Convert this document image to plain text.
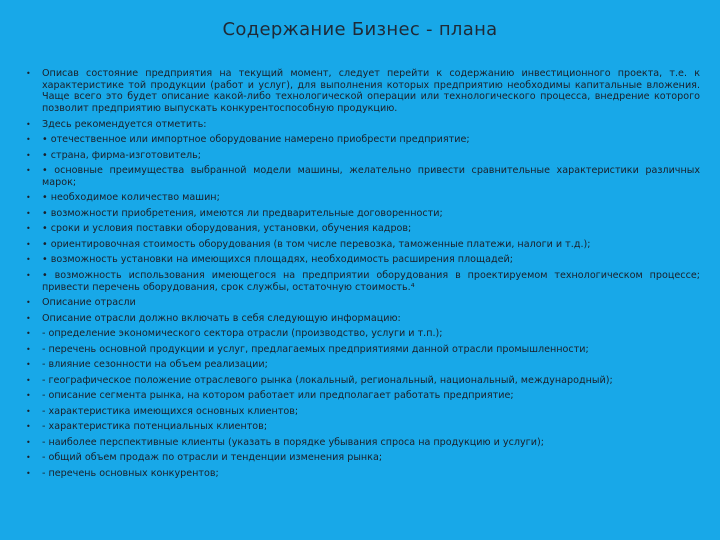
Содержание Бизнес - плана
•	Описав состояние предприятия на текущий момент, следует перейти к содержанию инвестиционного проекта, т.е. к характеристике той продукции (работ и услуг), для выполнения которых предприятию необходимы капитальные вложения. Чаще всего это будет описание какой-либо технологической операции или технологического процесса, внедрение которого позволит предприятию выпускать конкурентоспособную продукцию.
•	Здесь рекомендуется отметить:
•	• отечественное или импортное оборудование намерено приобрести предприятие;
•	• страна, фирма-изготовитель;
•	• основные преимущества выбранной модели машины, желательно привести сравнительные характеристики различных марок;
•	• необходимое количество машин;
•	• возможности приобретения, имеются ли предварительные договоренности;
•	• сроки и условия поставки оборудования, установки, обучения кадров;
•	• ориентировочная стоимость оборудования (в том числе перевозка, таможенные платежи, налоги и т.д.);
•	• возможность установки на имеющихся площадях, необходимость расширения площадей;
•	• возможность использования имеющегося на предприятии оборудования в проектируемом технологическом процессе; привести перечень оборудования, срок службы, остаточную стоимость.⁴
•	Описание отрасли
•	Описание отрасли должно включать в себя следующую информацию:
•	- определение экономического сектора отрасли (производство, услуги и т.п.);
•	- перечень основной продукции и услуг, предлагаемых предприятиями данной отрасли промышленности;
•	- влияние сезонности на объем реализации;
•	- географическое положение отраслевого рынка (локальный, региональный, национальный, международный);
•	- описание сегмента рынка, на котором работает или предполагает работать предприятие;
•	- характеристика имеющихся основных клиентов;
•	- характеристика потенциальных клиентов;
•	- наиболее перспективные клиенты (указать в порядке убывания спроса на продукцию и услуги);
•	- общий объем продаж по отрасли и тенденции изменения рынка;
•	- перечень основных конкурентов;
